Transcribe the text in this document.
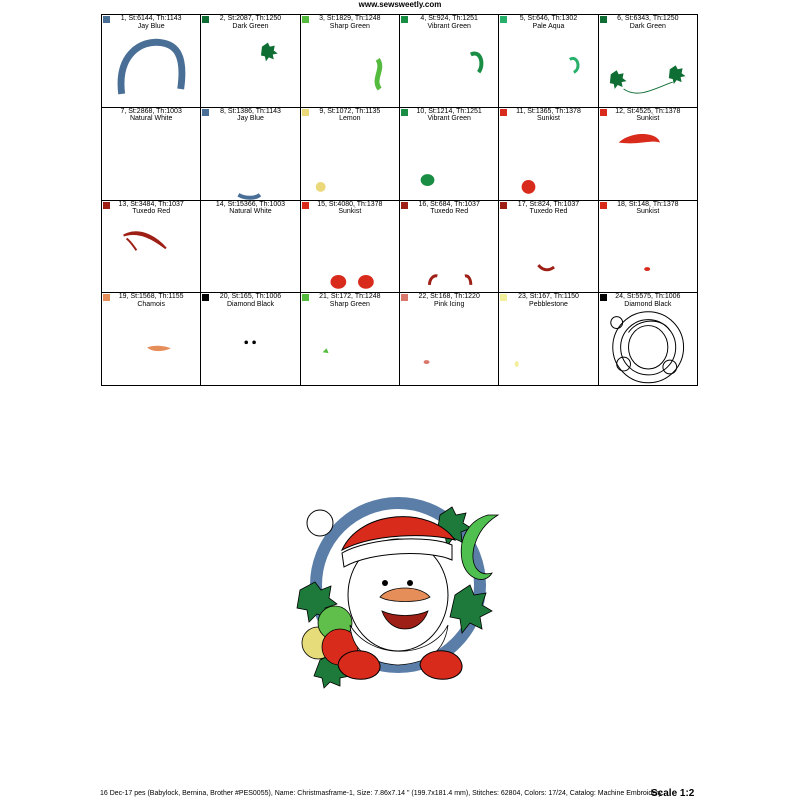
www.sewsweetly.com
1, St:6144, Th:1143
Jay Blue
2, St:2087, Th:1250
Dark Green
3, St:1829, Th:1248
Sharp Green
4, St:924, Th:1251
Vibrant Green
5, St:646, Th:1302
Pale Aqua
6, St:6343, Th:1250
Dark Green
7, St:2868, Th:1003
Natural White
8, St:1386, Th:1143
Jay Blue
9, St:1072, Th:1135
Lemon
10, St:1214, Th:1251
Vibrant Green
11, St:1365, Th:1378
Sunkist
12, St:4525, Th:1378
Sunkist
13, St:3484, Th:1037
Tuxedo Red
14, St:15366, Th:1003
Natural White
15, St:4080, Th:1378
Sunkist
16, St:684, Th:1037
Tuxedo Red
17, St:824, Th:1037
Tuxedo Red
18, St:148, Th:1378
Sunkist
19, St:1568, Th:1155
Chamois
20, St:165, Th:1006
Diamond Black
21, St:172, Th:1248
Sharp Green
22, St:168, Th:1220
Pink Icing
23, St:167, Th:1150
Pebblestone
24, St:5575, Th:1006
Diamond Black
16 Dec-17 pes (Babylock, Bernina, Brother #PES0055), Name: Christmasframe-1, Size: 7.86x7.14 " (199.7x181.4 mm), Stitches: 62804, Colors: 17/24, Catalog: Machine Embroidery
Scale 1:2
